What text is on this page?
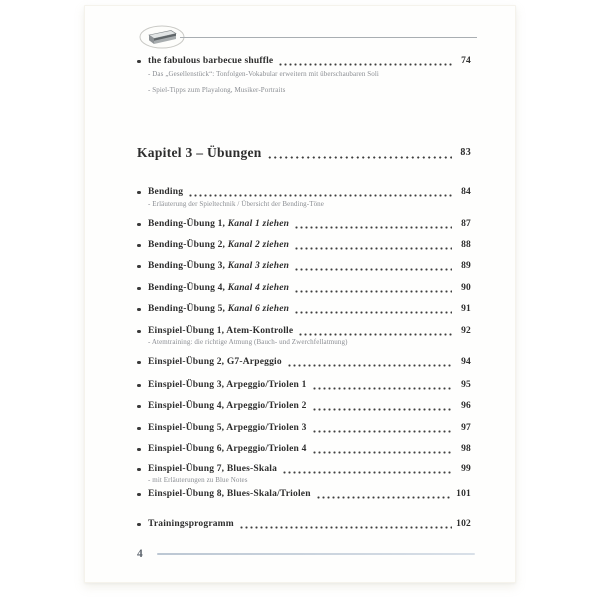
the fabulous barbecue shuffle	74
- Das „Gesellenstück“: Tonfolgen-Vokabular erweitern mit überschaubaren Soli
- Spiel-Tipps zum Playalong, Musiker-Portraits
Kapitel 3 – Übungen	83
Bending	84
- Erläuterung der Spieltechnik / Übersicht der Bending-Töne
Bending-Übung 1, Kanal 1 ziehen	87
Bending-Übung 2, Kanal 2 ziehen	88
Bending-Übung 3, Kanal 3 ziehen	89
Bending-Übung 4, Kanal 4 ziehen	90
Bending-Übung 5, Kanal 6 ziehen	91
Einspiel-Übung 1, Atem-Kontrolle	92
- Atemtraining: die richtige Atmung (Bauch- und Zwerchfellatmung)
Einspiel-Übung 2, G7-Arpeggio	94
Einspiel-Übung 3, Arpeggio/Triolen 1	95
Einspiel-Übung 4, Arpeggio/Triolen 2	96
Einspiel-Übung 5, Arpeggio/Triolen 3	97
Einspiel-Übung 6, Arpeggio/Triolen 4	98
Einspiel-Übung 7, Blues-Skala	99
- mit Erläuterungen zu Blue Notes
Einspiel-Übung 8, Blues-Skala/Triolen	101
Trainingsprogramm	102
4
